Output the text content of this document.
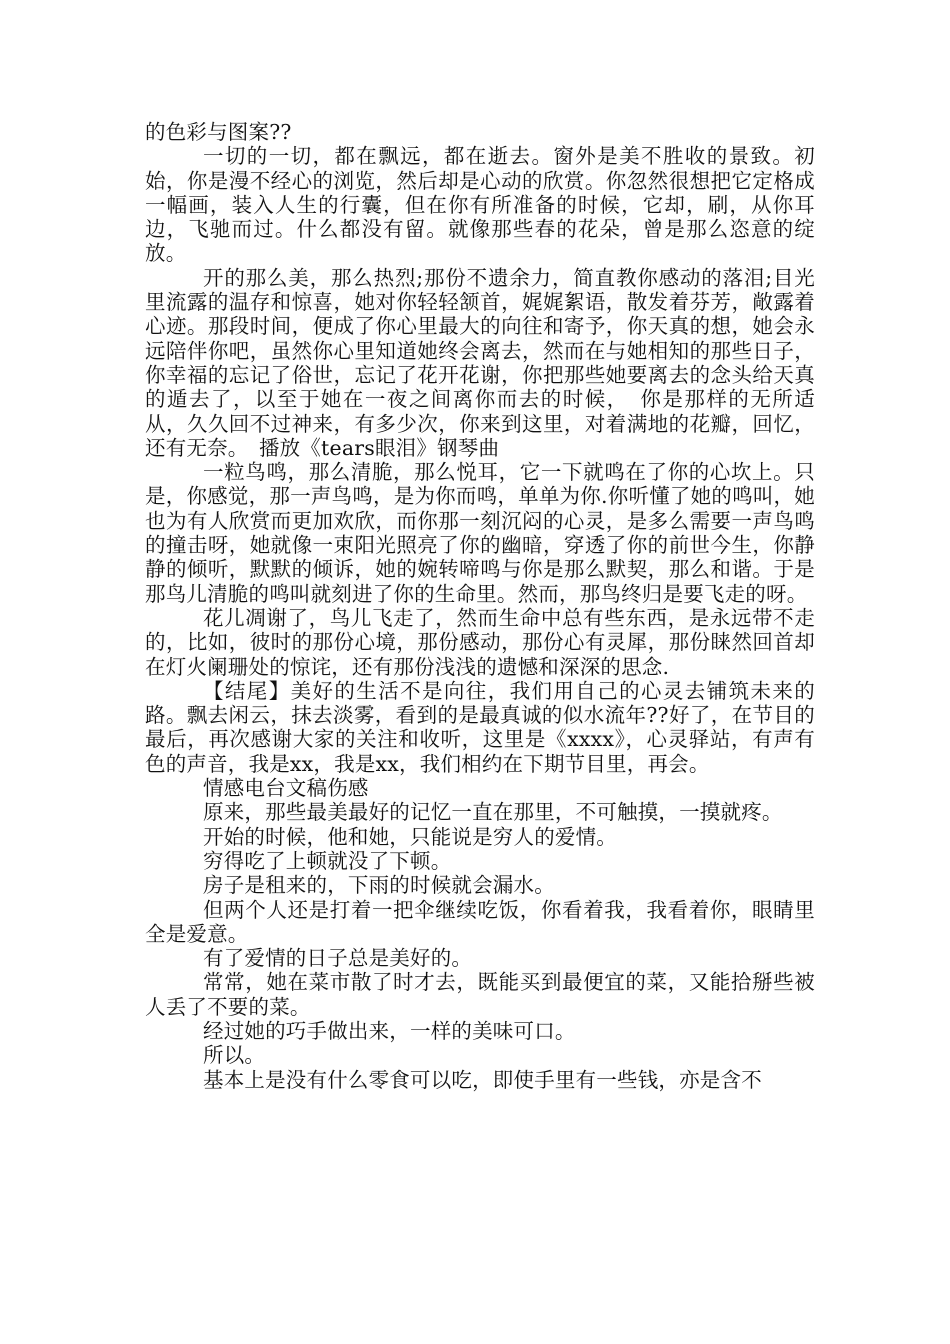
的色彩与图案??

一切的一切，都在飘远，都在逝去。窗外是美不胜收的景致。初始，你是漫不经心的浏览，然后却是心动的欣赏。你忽然很想把它定格成一幅画，装入人生的行囊，但在你有所准备的时候，它却，刷，从你耳边，飞驰而过。什么都没有留。就像那些春的花朵，曾是那么恣意的绽放。

开的那么美，那么热烈;那份不遗余力，简直教你感动的落泪;目光里流露的温存和惊喜，她对你轻轻颔首，娓娓絮语，散发着芬芳，敞露着心迹。那段时间，便成了你心里最大的向往和寄予，你天真的想，她会永远陪伴你吧，虽然你心里知道她终会离去，然而在与她相知的那些日子，你幸福的忘记了俗世，忘记了花开花谢，你把那些她要离去的念头给天真的遁去了，以至于她在一夜之间离你而去的时候，　你是那样的无所适从，久久回不过神来，有多少次，你来到这里，对着满地的花瓣，回忆，还有无奈。　播放《tears眼泪》钢琴曲

一粒鸟鸣，那么清脆，那么悦耳，它一下就鸣在了你的心坎上。只是，你感觉，那一声鸟鸣，是为你而鸣，单单为你.你听懂了她的鸣叫，她也为有人欣赏而更加欢欣，而你那一刻沉闷的心灵，是多么需要一声鸟鸣的撞击呀，她就像一束阳光照亮了你的幽暗，穿透了你的前世今生，你静静的倾听，默默的倾诉，她的婉转啼鸣与你是那么默契，那么和谐。于是那鸟儿清脆的鸣叫就刻进了你的生命里。然而，那鸟终归是要飞走的呀。

花儿凋谢了，鸟儿飞走了，然而生命中总有些东西，是永远带不走的，比如，彼时的那份心境，那份感动，那份心有灵犀，那份睐然回首却在灯火阑珊处的惊诧，还有那份浅浅的遗憾和深深的思念.

【结尾】美好的生活不是向往，我们用自己的心灵去铺筑未来的路。飘去闲云，抹去淡雾，看到的是最真诚的似水流年??好了，在节目的最后，再次感谢大家的关注和收听，这里是《xxxx》，心灵驿站，有声有色的声音，我是xx，我是xx，我们相约在下期节目里，再会。

情感电台文稿伤感

原来，那些最美最好的记忆一直在那里，不可触摸，一摸就疼。

开始的时候，他和她，只能说是穷人的爱情。

穷得吃了上顿就没了下顿。

房子是租来的，下雨的时候就会漏水。

但两个人还是打着一把伞继续吃饭，你看着我，我看着你，眼睛里全是爱意。

有了爱情的日子总是美好的。

常常，她在菜市散了时才去，既能买到最便宜的菜，又能拾掰些被人丢了不要的菜。

经过她的巧手做出来，一样的美味可口。

所以。

基本上是没有什么零食可以吃，即使手里有一些钱，亦是含不
